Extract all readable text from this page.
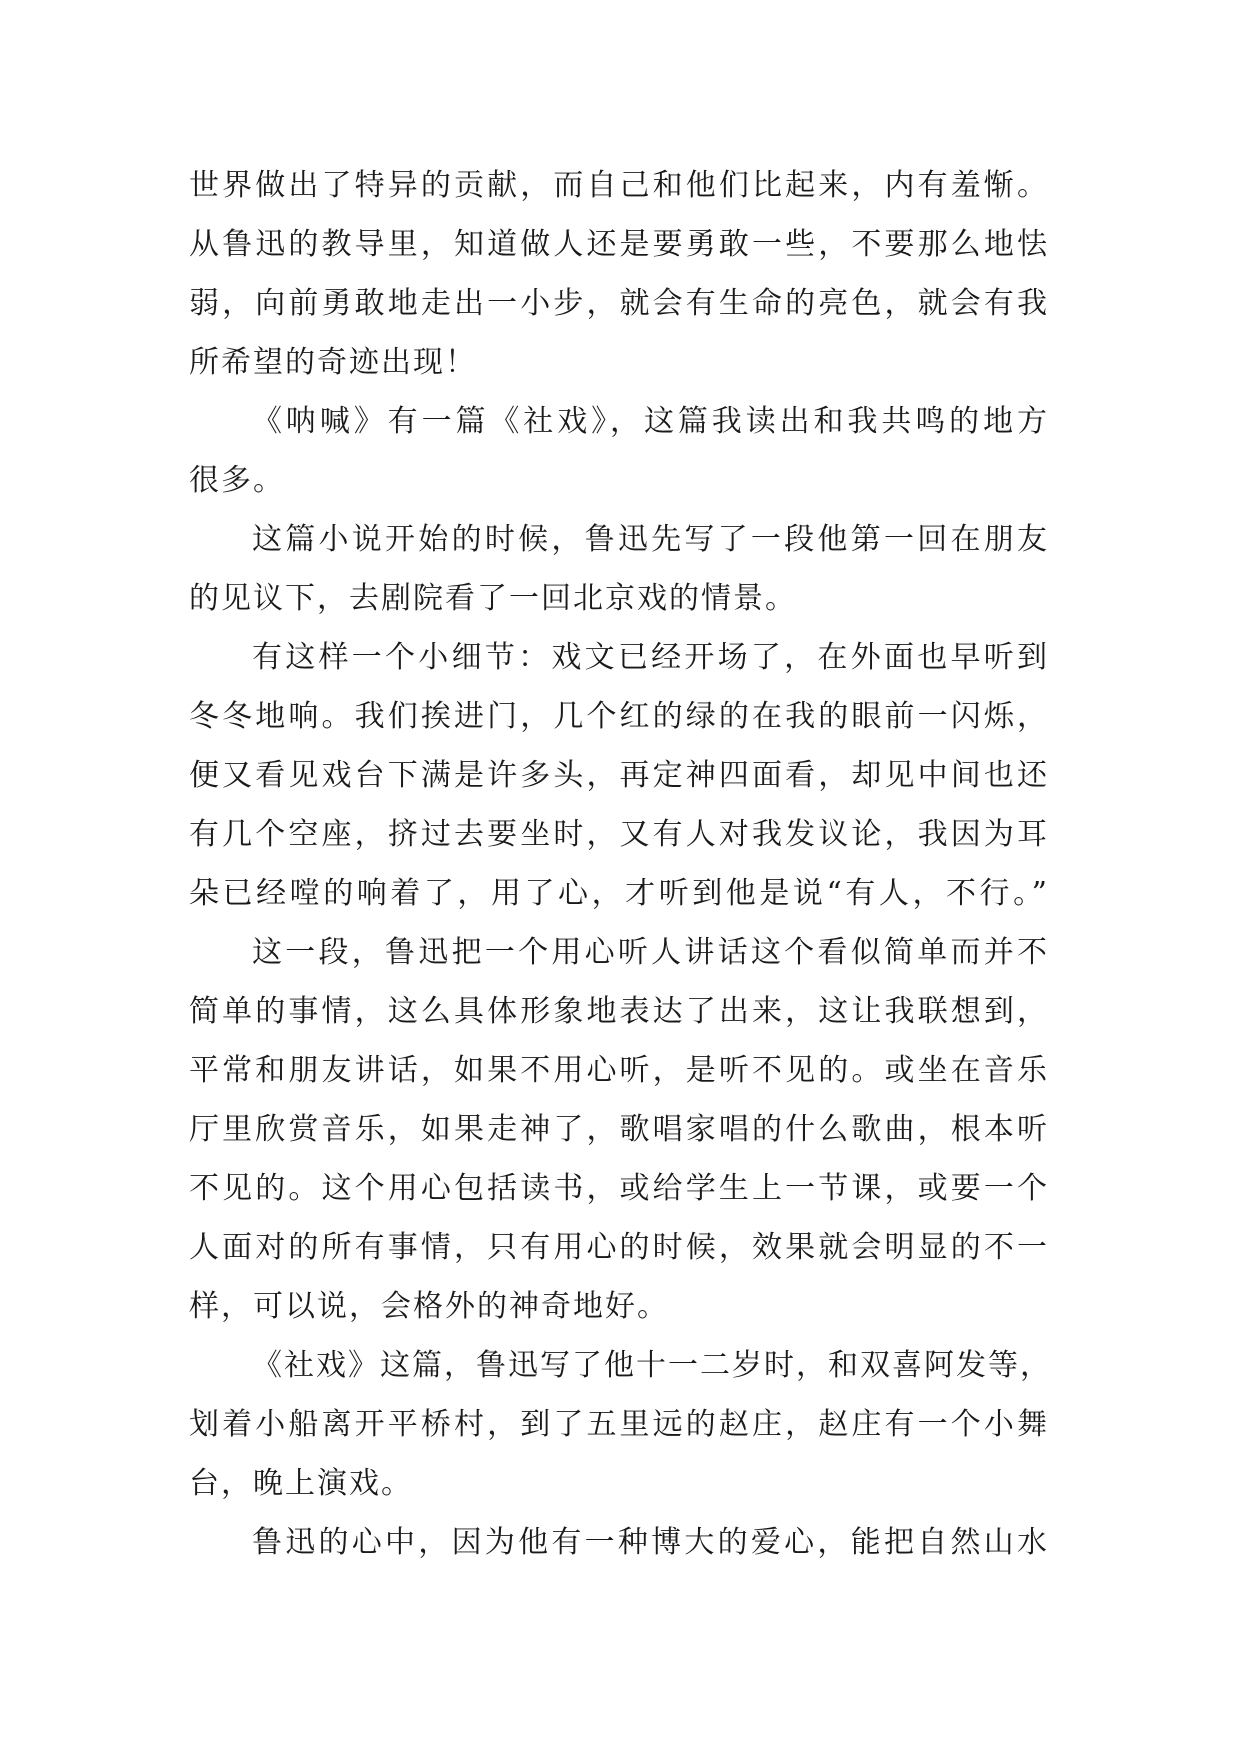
世界做出了特异的贡献，而自己和他们比起来，内有羞惭。
从鲁迅的教导里，知道做人还是要勇敢一些，不要那么地怯
弱，向前勇敢地走出一小步，就会有生命的亮色，就会有我
所希望的奇迹出现！
《呐喊》有一篇《社戏》，这篇我读出和我共鸣的地方
很多。
这篇小说开始的时候，鲁迅先写了一段他第一回在朋友
的见议下，去剧院看了一回北京戏的情景。
有这样一个小细节：戏文已经开场了，在外面也早听到
冬冬地响。我们挨进门，几个红的绿的在我的眼前一闪烁，
便又看见戏台下满是许多头，再定神四面看，却见中间也还
有几个空座，挤过去要坐时，又有人对我发议论，我因为耳
朵已经嘡的响着了，用了心，才听到他是说“有人，不行。”
这一段，鲁迅把一个用心听人讲话这个看似简单而并不
简单的事情，这么具体形象地表达了出来，这让我联想到，
平常和朋友讲话，如果不用心听，是听不见的。或坐在音乐
厅里欣赏音乐，如果走神了，歌唱家唱的什么歌曲，根本听
不见的。这个用心包括读书，或给学生上一节课，或要一个
人面对的所有事情，只有用心的时候，效果就会明显的不一
样，可以说，会格外的神奇地好。
《社戏》这篇，鲁迅写了他十一二岁时，和双喜阿发等，
划着小船离开平桥村，到了五里远的赵庄，赵庄有一个小舞
台，晚上演戏。
鲁迅的心中，因为他有一种博大的爱心，能把自然山水
